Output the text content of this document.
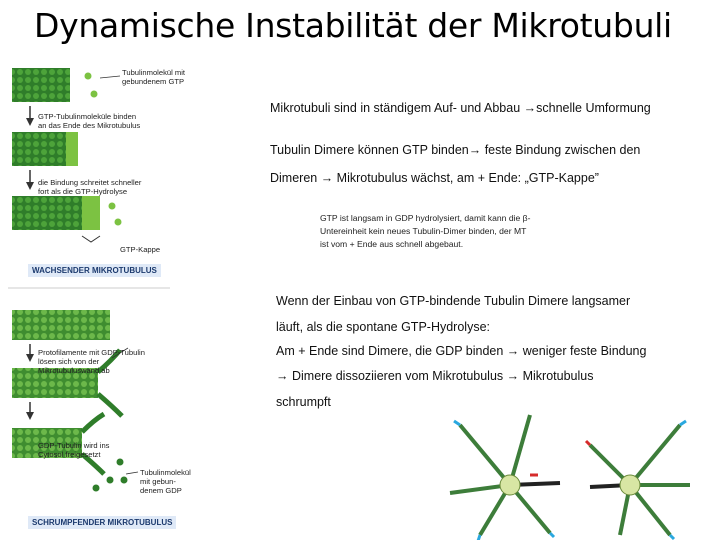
Dynamische Instabilität der Mikrotubuli
Tubulinmolekül mit
gebundenem GTP
GTP-Tubulinmoleküle binden
an das Ende des Mikrotubulus
die Bindung schreitet schneller
fort als die GTP-Hydrolyse
GTP-Kappe
WACHSENDER MIKROTUBULUS
Protofilamente mit GDP-Tubulin
lösen sich von der
Mikrotubuluswand ab
GDP-Tubulin wird ins
Cytosol freigesetzt
Tubulinmolekül
mit gebun-
denem GDP
SCHRUMPFENDER MIKROTUBULUS
Mikrotubuli sind in ständigem Auf- und Abbau →schnelle Umformung
Tubulin Dimere können GTP binden→ feste Bindung zwischen den
Dimeren → Mikrotubulus wächst, am + Ende: „GTP-Kappe”
GTP ist langsam in GDP hydrolysiert, damit kann die β-
Untereinheit kein neues Tubulin-Dimer binden, der MT
ist vom + Ende aus schnell abgebaut.
Wenn der Einbau von GTP-bindende Tubulin Dimere langsamer
läuft, als die spontane GTP-Hydrolyse:
Am + Ende sind Dimere, die GDP binden → weniger feste Bindung
→ Dimere dissoziieren vom Mikrotubulus → Mikrotubulus
schrumpft
